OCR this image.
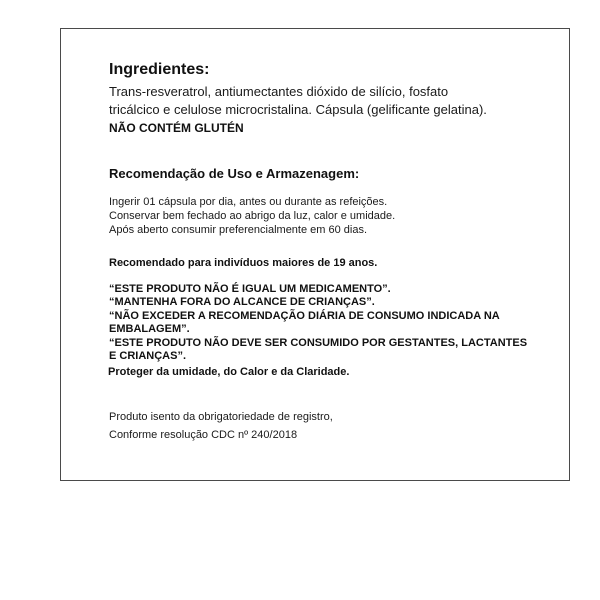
Ingredientes:
Trans-resveratrol, antiumectantes dióxido de silício, fosfato
tricálcico e celulose microcristalina. Cápsula (gelificante gelatina).
NÃO CONTÉM GLUTÉN
Recomendação de Uso e Armazenagem:
Ingerir 01 cápsula por dia, antes ou durante as refeições.
Conservar bem fechado ao abrigo da luz, calor e umidade.
Após aberto consumir preferencialmente em 60 dias.
Recomendado para indivíduos maiores de 19 anos.
“ESTE PRODUTO NÃO É IGUAL UM MEDICAMENTO”.
“MANTENHA FORA DO ALCANCE DE CRIANÇAS”.
“NÃO EXCEDER A RECOMENDAÇÃO DIÁRIA DE CONSUMO INDICADA NA
EMBALAGEM”.
“ESTE PRODUTO NÃO DEVE SER CONSUMIDO POR GESTANTES, LACTANTES
E CRIANÇAS”.
Proteger da umidade, do Calor e da Claridade.
Produto isento da obrigatoriedade de registro,
Conforme resolução CDC nº 240/2018
